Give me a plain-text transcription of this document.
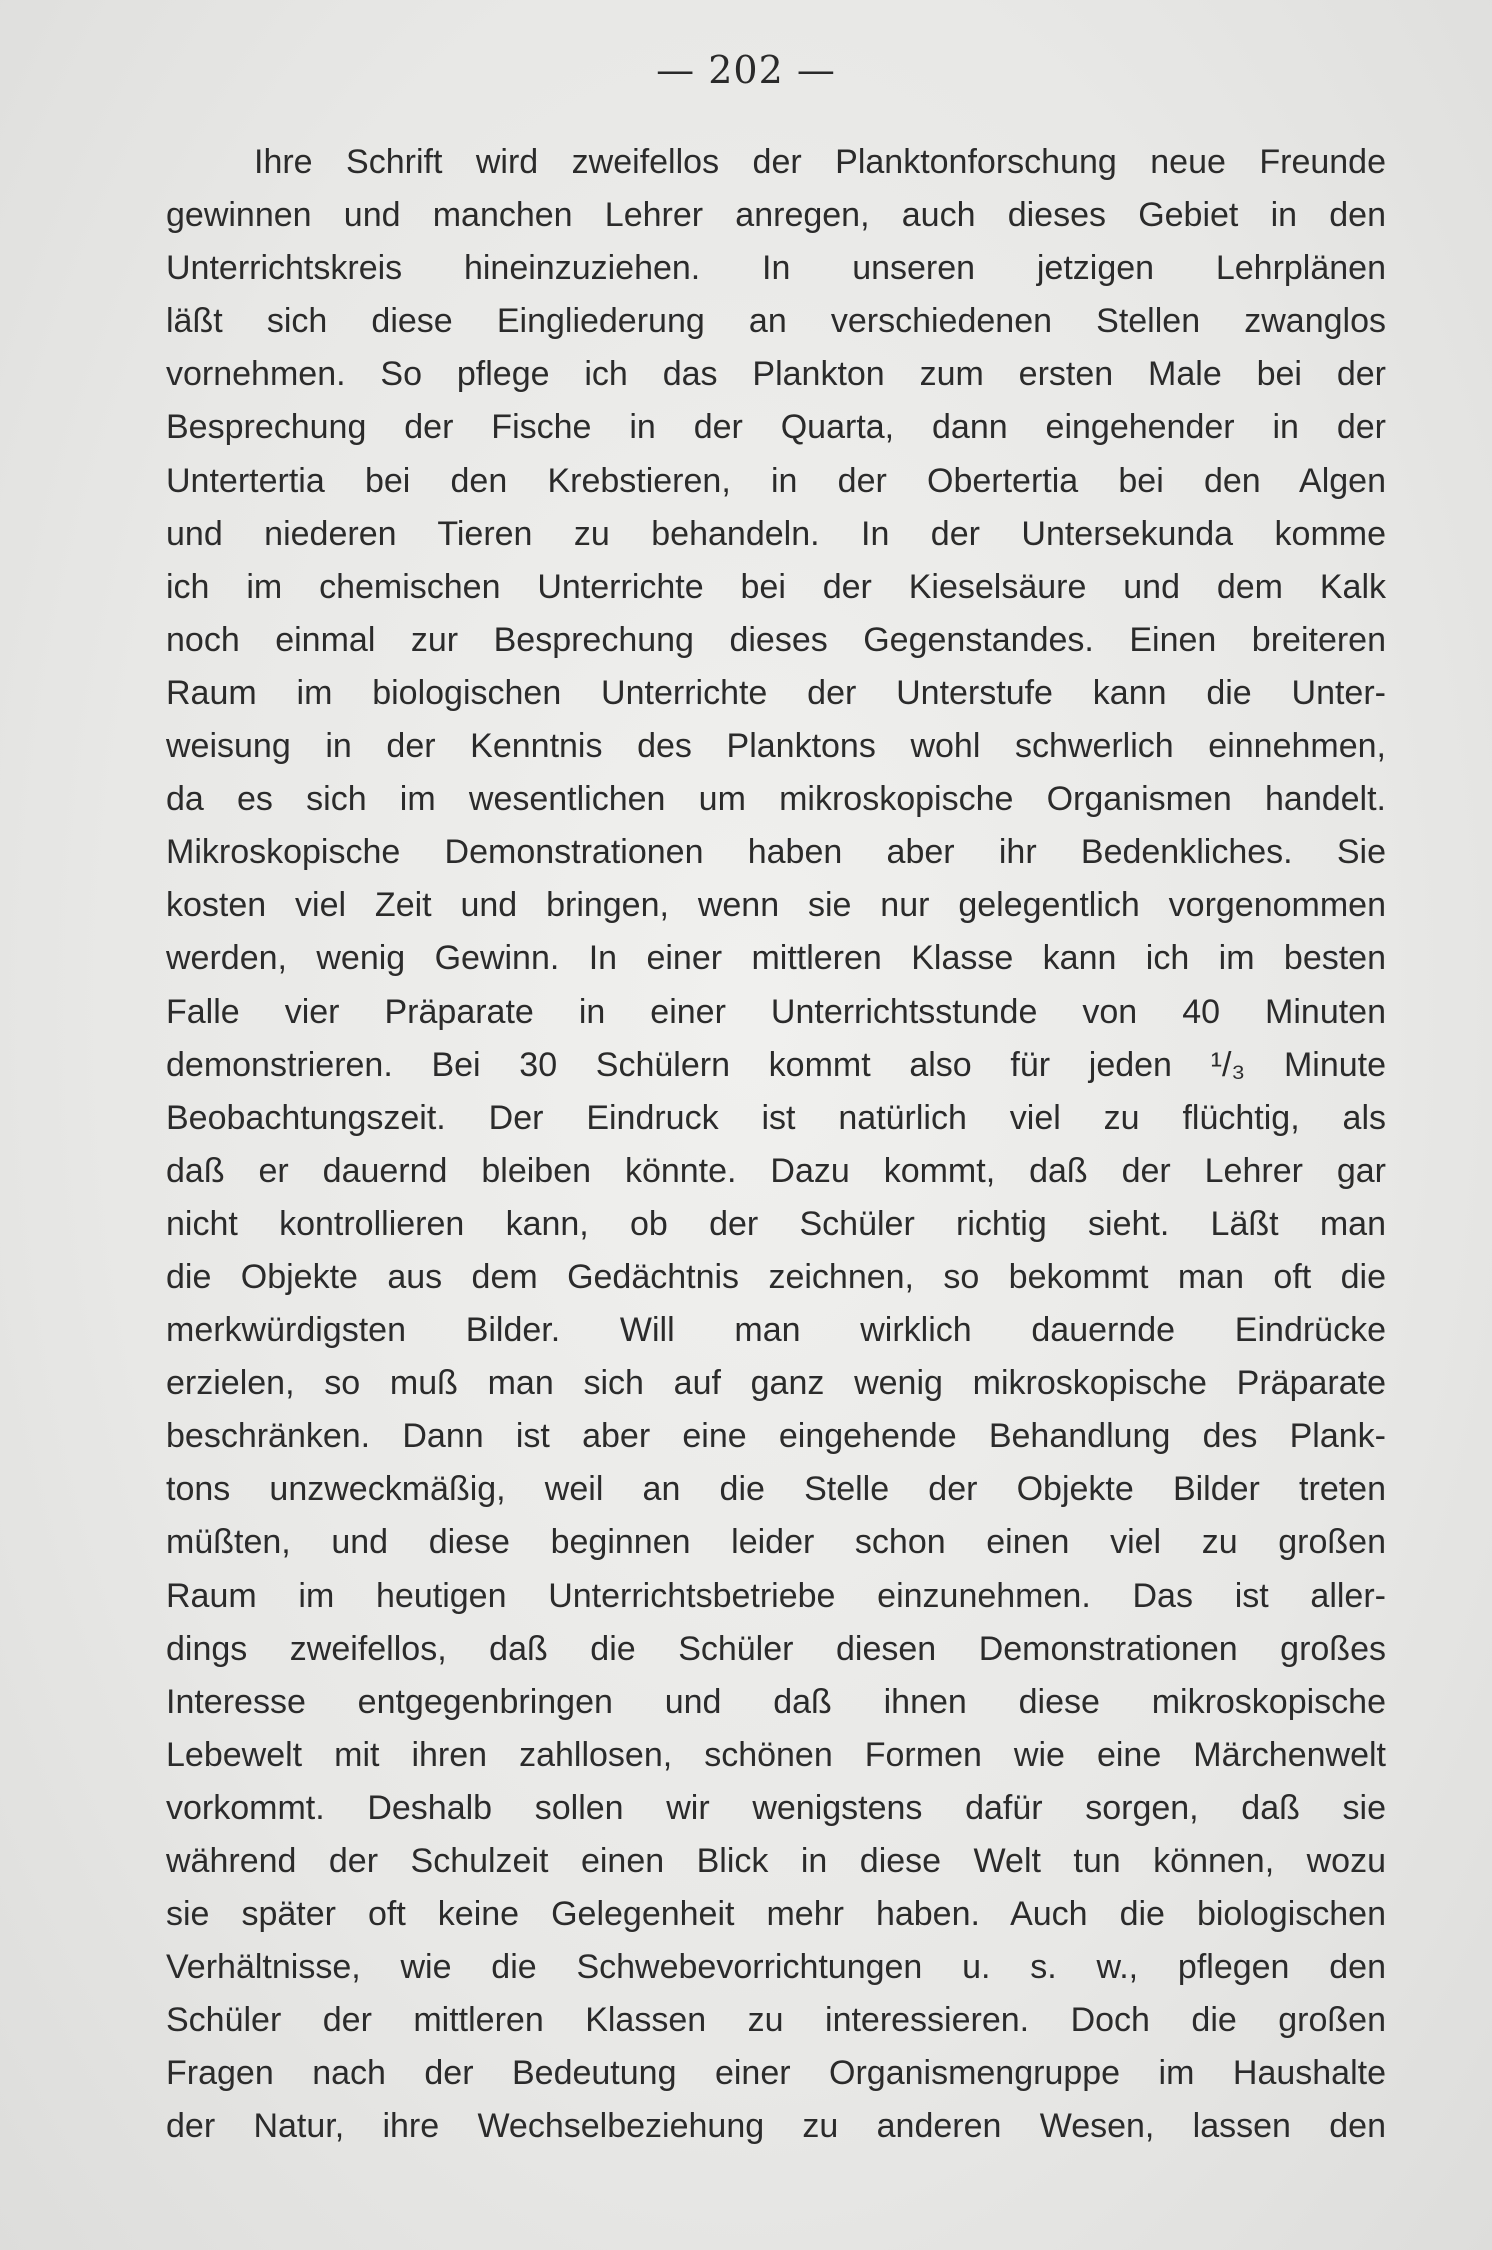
— 202 —
Ihre Schrift wird zweifellos der Planktonforschung neue Freunde
gewinnen und manchen Lehrer anregen, auch dieses Gebiet in den
Unterrichtskreis hineinzuziehen. In unseren jetzigen Lehrplänen
läßt sich diese Eingliederung an verschiedenen Stellen zwanglos
vornehmen. So pflege ich das Plankton zum ersten Male bei der
Besprechung der Fische in der Quarta, dann eingehender in der
Untertertia bei den Krebstieren, in der Obertertia bei den Algen
und niederen Tieren zu behandeln. In der Untersekunda komme
ich im chemischen Unterrichte bei der Kieselsäure und dem Kalk
noch einmal zur Besprechung dieses Gegenstandes. Einen breiteren
Raum im biologischen Unterrichte der Unterstufe kann die Unter-
weisung in der Kenntnis des Planktons wohl schwerlich einnehmen,
da es sich im wesentlichen um mikroskopische Organismen handelt.
Mikroskopische Demonstrationen haben aber ihr Bedenkliches. Sie
kosten viel Zeit und bringen, wenn sie nur gelegentlich vorgenommen
werden, wenig Gewinn. In einer mittleren Klasse kann ich im besten
Falle vier Präparate in einer Unterrichtsstunde von 40 Minuten
demonstrieren. Bei 30 Schülern kommt also für jeden ¹/₃ Minute
Beobachtungszeit. Der Eindruck ist natürlich viel zu flüchtig, als
daß er dauernd bleiben könnte. Dazu kommt, daß der Lehrer gar
nicht kontrollieren kann, ob der Schüler richtig sieht. Läßt man
die Objekte aus dem Gedächtnis zeichnen, so bekommt man oft die
merkwürdigsten Bilder. Will man wirklich dauernde Eindrücke
erzielen, so muß man sich auf ganz wenig mikroskopische Präparate
beschränken. Dann ist aber eine eingehende Behandlung des Plank-
tons unzweckmäßig, weil an die Stelle der Objekte Bilder treten
müßten, und diese beginnen leider schon einen viel zu großen
Raum im heutigen Unterrichtsbetriebe einzunehmen. Das ist aller-
dings zweifellos, daß die Schüler diesen Demonstrationen großes
Interesse entgegenbringen und daß ihnen diese mikroskopische
Lebewelt mit ihren zahllosen, schönen Formen wie eine Märchenwelt
vorkommt. Deshalb sollen wir wenigstens dafür sorgen, daß sie
während der Schulzeit einen Blick in diese Welt tun können, wozu
sie später oft keine Gelegenheit mehr haben. Auch die biologischen
Verhältnisse, wie die Schwebevorrichtungen u. s. w., pflegen den
Schüler der mittleren Klassen zu interessieren. Doch die großen
Fragen nach der Bedeutung einer Organismengruppe im Haushalte
der Natur, ihre Wechselbeziehung zu anderen Wesen, lassen den
